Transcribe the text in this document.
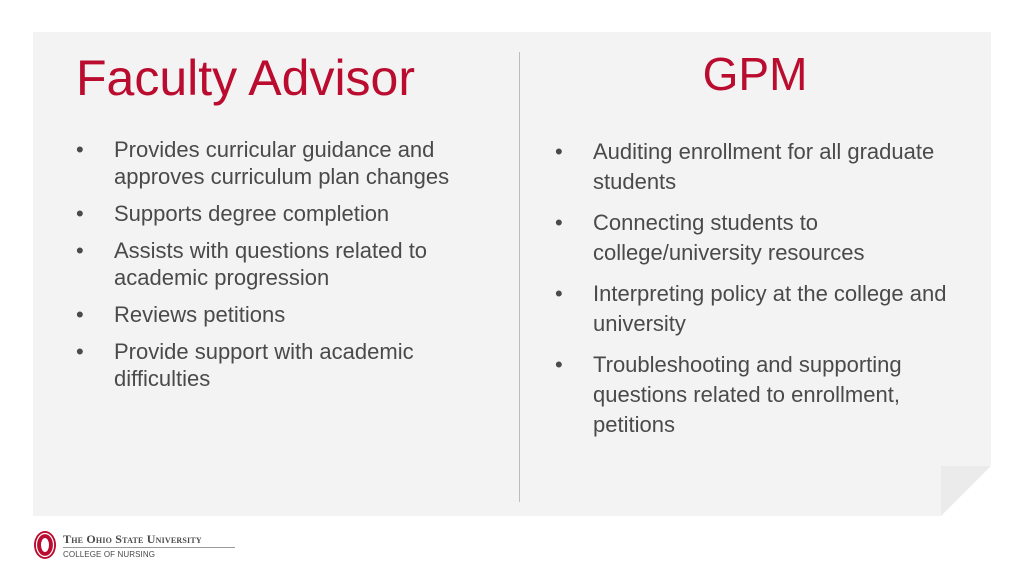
Faculty Advisor
• Provides curricular guidance and approves curriculum plan changes
• Supports degree completion
• Assists with questions related to academic progression
• Reviews petitions
• Provide support with academic difficulties
GPM
• Auditing enrollment for all graduate students
• Connecting students to college/university resources
• Interpreting policy at the college and university
• Troubleshooting and supporting questions related to enrollment, petitions
5
The Ohio State University
COLLEGE OF NURSING
